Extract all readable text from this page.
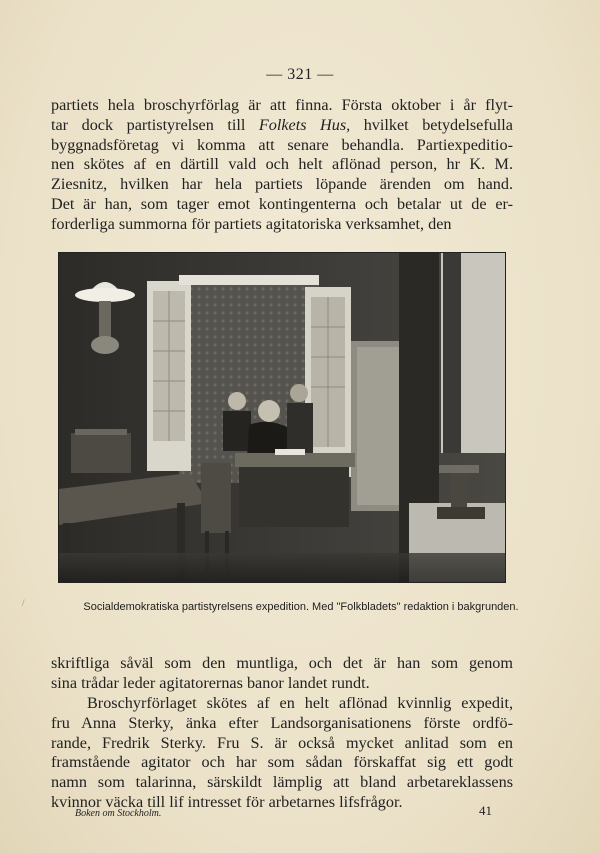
— 321 —

partiets hela broschyrförlag är att finna. Första oktober i år flyt-
tar dock partistyrelsen till Folkets Hus, hvilket betydelsefulla
byggnadsföretag vi komma att senare behandla. Partiexpeditio-
nen skötes af en därtill vald och helt aflönad person, hr K. M.
Ziesnitz, hvilken har hela partiets löpande ärenden om hand.
Det är han, som tager emot kontingenterna och betalar ut de er-
forderliga summorna för partiets agitatoriska verksamhet, den

Socialdemokratiska partistyrelsens expedition. Med "Folkbladets" redaktion i bakgrunden.

skriftliga såväl som den muntliga, och det är han som genom
sina trådar leder agitatorernas banor landet rundt.

Broschyrförlaget skötes af en helt aflönad kvinnlig expedit,
fru Anna Sterky, änka efter Landsorganisationens förste ordfö-
rande, Fredrik Sterky. Fru S. är också mycket anlitad som en
framstående agitator och har som sådan förskaffat sig ett godt
namn som talarinna, särskildt lämplig att bland arbetareklassens
kvinnor väcka till lif intresset för arbetarnes lifsfrågor.

Boken om Stockholm.	41
/
